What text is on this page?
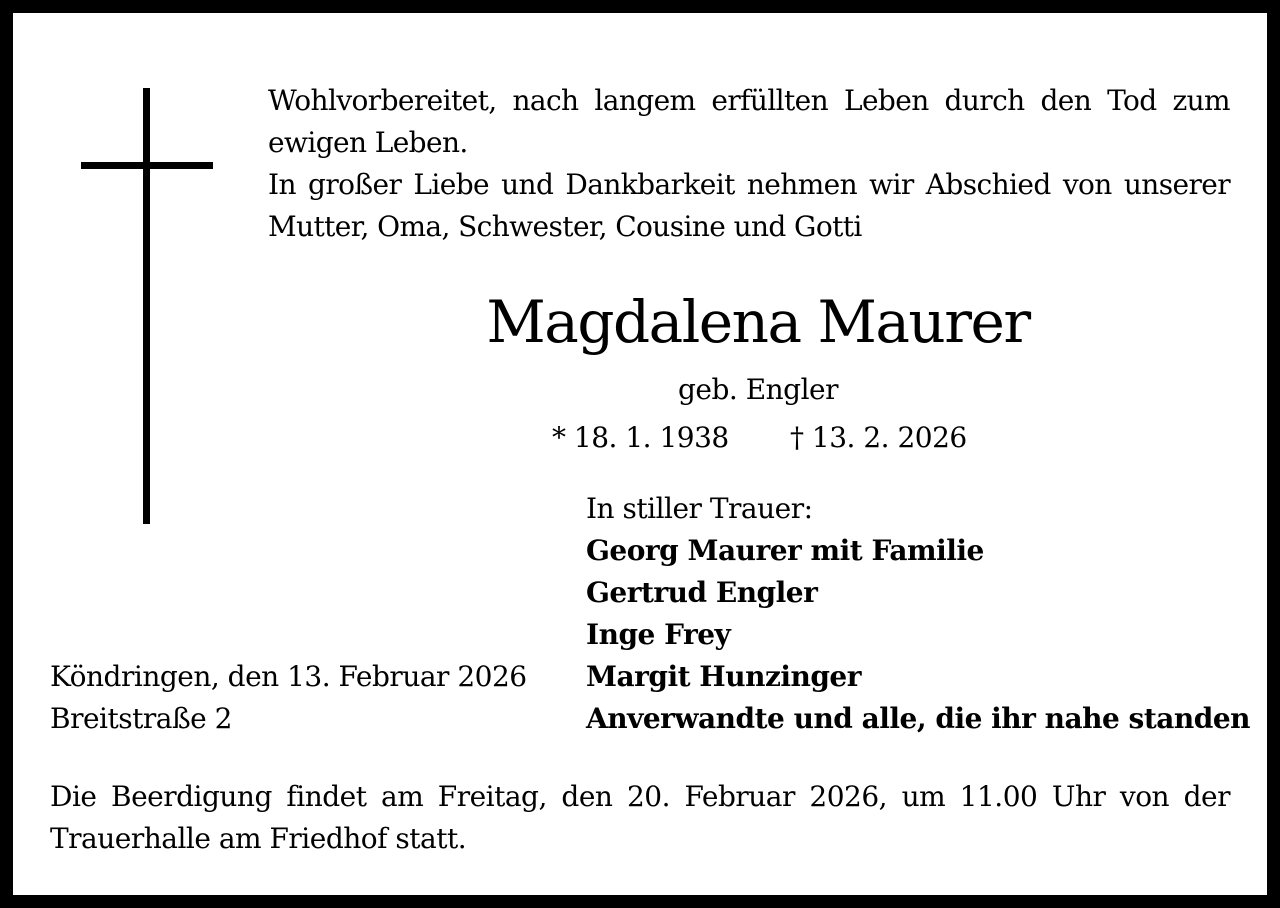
Wohlvorbereitet, nach langem erfüllten Leben durch den Tod zum ewigen Leben.

In großer Liebe und Dankbarkeit nehmen wir Abschied von unserer Mutter, Oma, Schwester, Cousine und Gotti

Magdalena Maurer
geb. Engler
* 18. 1. 1938 † 13. 2. 2026
In stiller Trauer:
Georg Maurer mit Familie
Gertrud Engler
Inge Frey
Margit Hunzinger
Anverwandte und alle, die ihr nahe standen
Köndringen, den 13. Februar 2026
Breitstraße 2
Die Beerdigung findet am Freitag, den 20. Februar 2026, um 11.00 Uhr von der Trauerhalle am Friedhof statt.
